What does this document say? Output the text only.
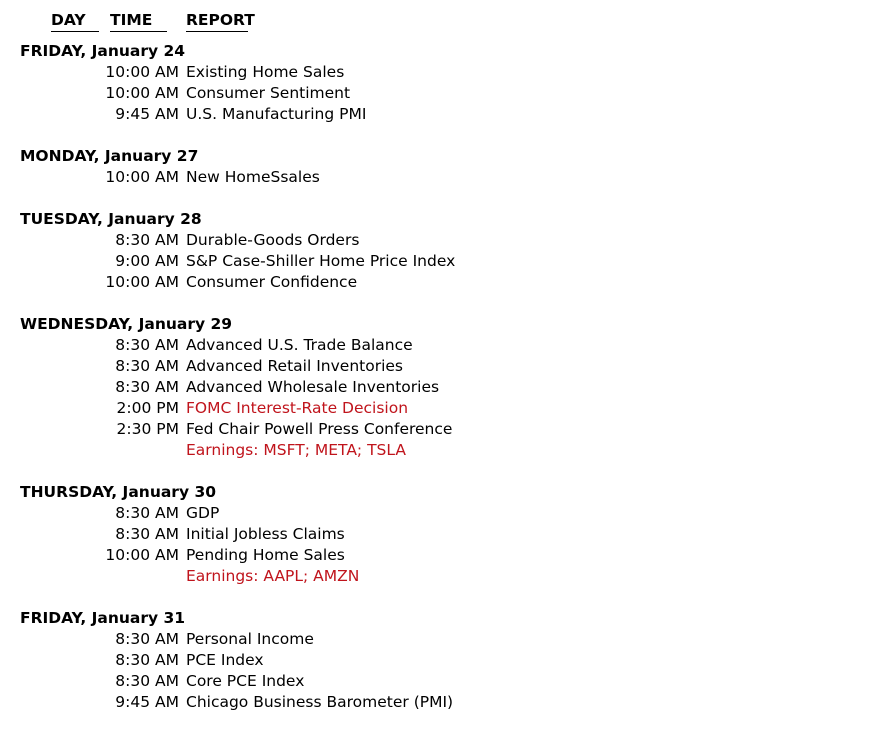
DAY	TIME	REPORT
FRIDAY, January 24
10:00 AM Existing Home Sales
10:00 AM Consumer Sentiment
9:45 AM U.S. Manufacturing PMI
MONDAY, January 27
10:00 AM New HomeSsales
TUESDAY, January 28
8:30 AM Durable-Goods Orders
9:00 AM S&P Case-Shiller Home Price Index
10:00 AM Consumer Confidence
WEDNESDAY, January 29
8:30 AM Advanced U.S. Trade Balance
8:30 AM Advanced Retail Inventories
8:30 AM Advanced Wholesale Inventories
2:00 PM FOMC Interest-Rate Decision
2:30 PM Fed Chair Powell Press Conference
Earnings: MSFT; META; TSLA
THURSDAY, January 30
8:30 AM GDP
8:30 AM Initial Jobless Claims
10:00 AM Pending Home Sales
Earnings: AAPL; AMZN
FRIDAY, January 31
8:30 AM Personal Income
8:30 AM PCE Index
8:30 AM Core PCE Index
9:45 AM Chicago Business Barometer (PMI)
